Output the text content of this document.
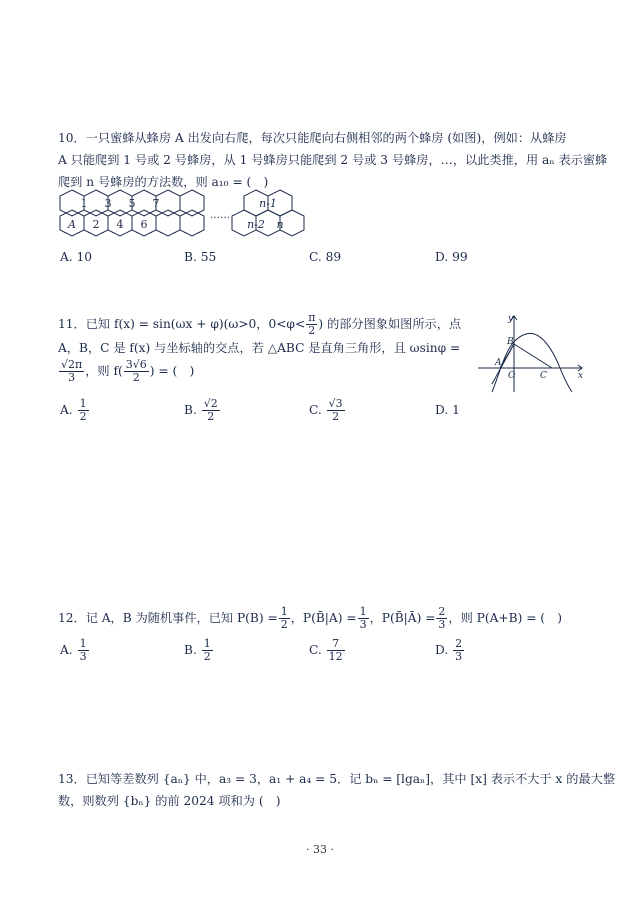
10．一只蜜蜂从蜂房 A 出发向右爬，每次只能爬向右侧相邻的两个蜂房 (如图)，例如：从蜂房
A 只能爬到 1 号或 2 号蜂房，从 1 号蜂房只能爬到 2 号或 3 号蜂房，…，以此类推，用 aₙ 表示蜜蜂
爬到 n 号蜂房的方法数，则 a₁₀ = (　)
1 3 5 7
A 2 4 6
n-1
n-2 n
……
A. 10	B. 55	C. 89	D. 99
11．已知 f(x) = sin(ωx + φ)(ω>0，$0<\varphi< \frac{\pi}{2}$ ) 的部分图象如图所示，点
A，B，C 是 f(x) 与坐标轴的交点，若 △ABC 是直角三角形，且 ωsinφ =
$\frac{√2\pi}{3}$ ，则 $f( \frac{3√6}{2}$ ) = (　)
y
x
O
A
B
C
A. $\frac{1}{2}$	B. $\frac{√2}{2}$	C. $\frac{√3}{2}$	D. 1
12．记 A，B 为随机事件，已知 $P(B) = \frac{1}{2}$ ，P(B̄|A) = $\frac{1}{3}$ ，P(B̄|Ā) = $\frac{2}{3}$ ，则 P(A+B) = (　)
A. $\frac{1}{3}$	B. $\frac{1}{2}$	C. $\frac{7}{12}$	D. $\frac{2}{3}$
13．已知等差数列 {aₙ} 中，a₃ = 3，a₁ + a₄ = 5．记 bₙ = [lgaₙ]，其中 [x] 表示不大于 x 的最大整
数，则数列 {bₙ} 的前 2024 项和为 (　)
· 33 ·
